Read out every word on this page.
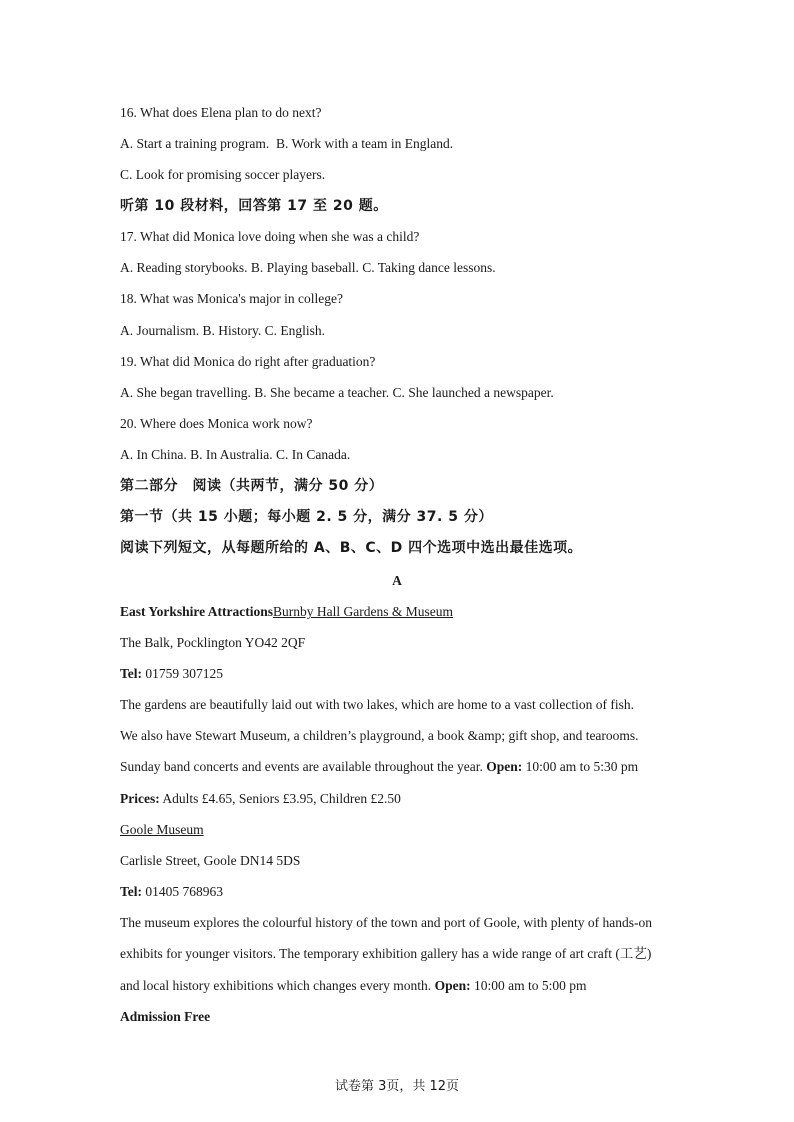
16. What does Elena plan to do next?
A. Start a training program. B. Work with a team in England.
C. Look for promising soccer players.
听第 10 段材料，回答第 17 至 20 题。
17. What did Monica love doing when she was a child?
A. Reading storybooks. B. Playing baseball. C. Taking dance lessons.
18. What was Monica's major in college?
A. Journalism. B. History. C. English.
19. What did Monica do right after graduation?
A. She began travelling. B. She became a teacher. C. She launched a newspaper.
20. Where does Monica work now?
A. In China. B. In Australia. C. In Canada.
第二部分　阅读（共两节，满分 50 分）
第一节（共 15 小题；每小题 2. 5 分，满分 37. 5 分）
阅读下列短文，从每题所给的 A、B、C、D 四个选项中选出最佳选项。
A
East Yorkshire AttractionsBurnby Hall Gardens & Museum
The Balk, Pocklington YO42 2QF
Tel: 01759 307125
The gardens are beautifully laid out with two lakes, which are home to a vast collection of fish.
We also have Stewart Museum, a children’s playground, a book &amp; gift shop, and tearooms.
Sunday band concerts and events are available throughout the year. Open: 10:00 am to 5:30 pm
Prices: Adults £4.65, Seniors £3.95, Children £2.50
Goole Museum
Carlisle Street, Goole DN14 5DS
Tel: 01405 768963
The museum explores the colourful history of the town and port of Goole, with plenty of hands-on
exhibits for younger visitors. The temporary exhibition gallery has a wide range of art craft (工艺)
and local history exhibitions which changes every month. Open: 10:00 am to 5:00 pm
Admission Free
试卷第 3页，共 12页
